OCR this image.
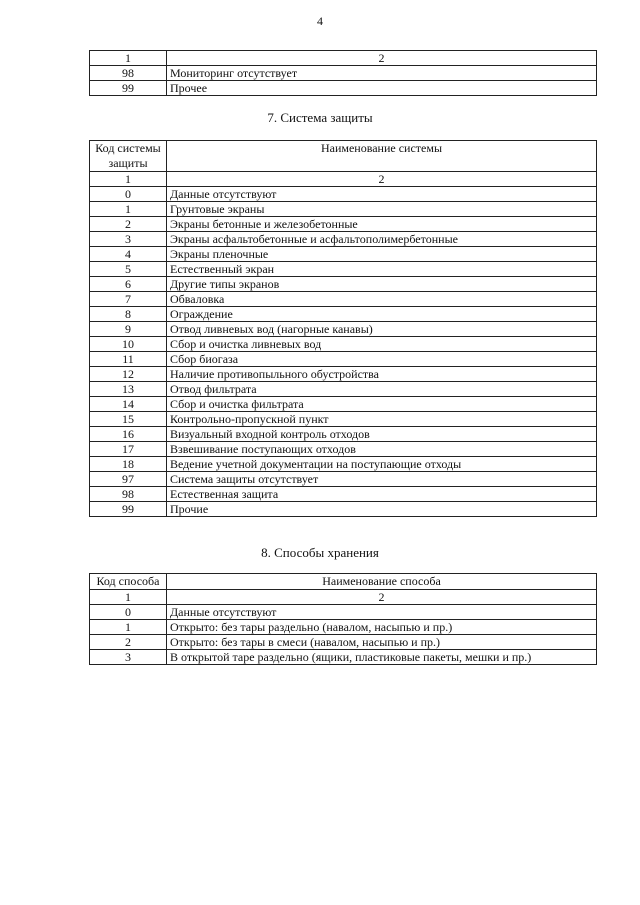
4
1	2
98	Мониторинг отсутствует
99	Прочее
7. Система защиты
Код системы защиты	Наименование системы
1	2
0	Данные отсутствуют
1	Грунтовые экраны
2	Экраны бетонные и железобетонные
3	Экраны асфальтобетонные и асфальтополимербетонные
4	Экраны пленочные
5	Естественный экран
6	Другие типы экранов
7	Обваловка
8	Ограждение
9	Отвод ливневых вод (нагорные канавы)
10	Сбор и очистка ливневых вод
11	Сбор биогаза
12	Наличие противопыльного обустройства
13	Отвод фильтрата
14	Сбор и очистка фильтрата
15	Контрольно-пропускной пункт
16	Визуальный входной контроль отходов
17	Взвешивание поступающих отходов
18	Ведение учетной документации на поступающие отходы
97	Система защиты отсутствует
98	Естественная защита
99	Прочие
8. Способы хранения
Код способа	Наименование способа
1	2
0	Данные отсутствуют
1	Открыто: без тары раздельно (навалом, насыпью и пр.)
2	Открыто: без тары в смеси (навалом, насыпью и пр.)
3	В открытой таре раздельно (ящики, пластиковые пакеты, мешки и пр.)
